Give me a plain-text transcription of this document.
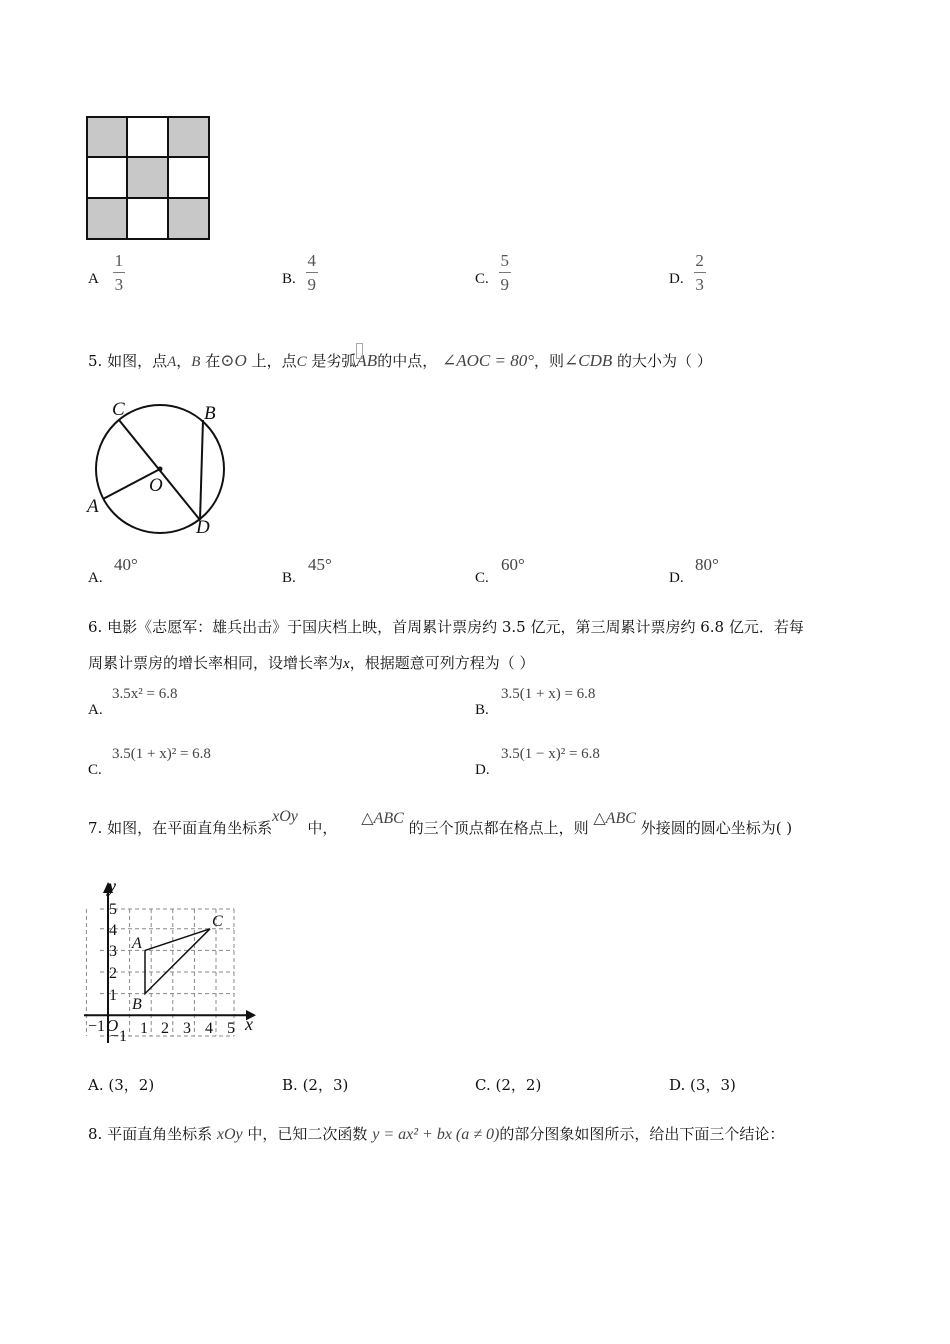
A $\frac{1}{3}$	B. $\frac{4}{9}$	C. $\frac{5}{9}$	D. $\frac{2}{3}$
5. 如图，点A，B 在⊙O 上，点C 是劣弧
AB的中点， ∠AOC = 80°，则∠CDB 的大小为（ ）
C	B
O
A
D
A.
40°
B.
45°
C.
60°
D.
80°
6. 电影《志愿军：雄兵出击》于国庆档上映，首周累计票房约 3.5 亿元，第三周累计票房约 6.8 亿元．若每
周累计票房的增长率相同，设增长率为x，根据题意可列方程为（ ）
A.
3.5x² = 6.8
B.
3.5(1 + x) = 6.8
C.
3.5(1 + x)² = 6.8
D.
3.5(1 − x)² = 6.8
7. 如图，在平面直角坐标系xOy  中，     △ABC 的三个顶点都在格点上，则 △ABC 外接圆的圆心坐标为( )
y
x
O
−1
−1 1 2 3 4 5
1
2
3
4
5
A
B
C
A. (3，2)	B. (2，3)	C. (2，2)	D. (3，3)
8. 平面直角坐标系 xOy 中，已知二次函数 y = ax² + bx (a ≠ 0)的部分图象如图所示，给出下面三个结论：
